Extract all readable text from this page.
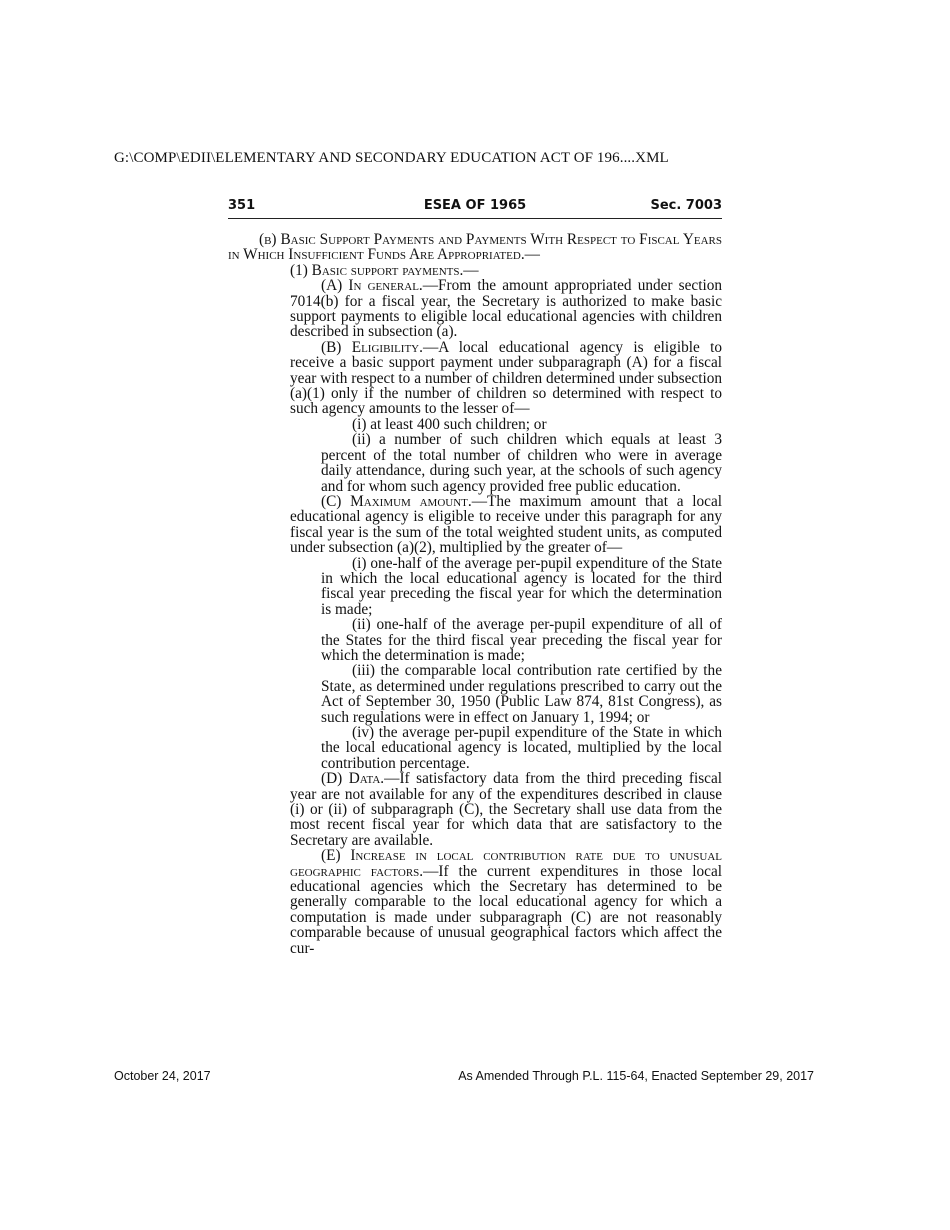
G:\COMP\EDII\ELEMENTARY AND SECONDARY EDUCATION ACT OF 196....XML
ESEA OF 1965
351	Sec. 7003

(b) Basic Support Payments and Payments With Respect to Fiscal Years in Which Insufficient Funds Are Appropriated.—

(1) Basic support payments.—

(A) In general.—From the amount appropriated under section 7014(b) for a fiscal year, the Secretary is authorized to make basic support payments to eligible local educational agencies with children described in subsection (a).

(B) Eligibility.—A local educational agency is eligible to receive a basic support payment under subparagraph (A) for a fiscal year with respect to a number of children determined under subsection (a)(1) only if the number of children so determined with respect to such agency amounts to the lesser of—

(i) at least 400 such children; or

(ii) a number of such children which equals at least 3 percent of the total number of children who were in average daily attendance, during such year, at the schools of such agency and for whom such agency provided free public education.

(C) Maximum amount.—The maximum amount that a local educational agency is eligible to receive under this paragraph for any fiscal year is the sum of the total weighted student units, as computed under subsection (a)(2), multiplied by the greater of—

(i) one-half of the average per-pupil expenditure of the State in which the local educational agency is located for the third fiscal year preceding the fiscal year for which the determination is made;

(ii) one-half of the average per-pupil expenditure of all of the States for the third fiscal year preceding the fiscal year for which the determination is made;

(iii) the comparable local contribution rate certified by the State, as determined under regulations prescribed to carry out the Act of September 30, 1950 (Public Law 874, 81st Congress), as such regulations were in effect on January 1, 1994; or

(iv) the average per-pupil expenditure of the State in which the local educational agency is located, multiplied by the local contribution percentage.

(D) Data.—If satisfactory data from the third preceding fiscal year are not available for any of the expenditures described in clause (i) or (ii) of subparagraph (C), the Secretary shall use data from the most recent fiscal year for which data that are satisfactory to the Secretary are available.

(E) Increase in local contribution rate due to unusual geographic factors.—If the current expenditures in those local educational agencies which the Secretary has determined to be generally comparable to the local educational agency for which a computation is made under subparagraph (C) are not reasonably comparable because of unusual geographical factors which affect the cur-

October 24, 2017	As Amended Through P.L. 115-64, Enacted September 29, 2017
